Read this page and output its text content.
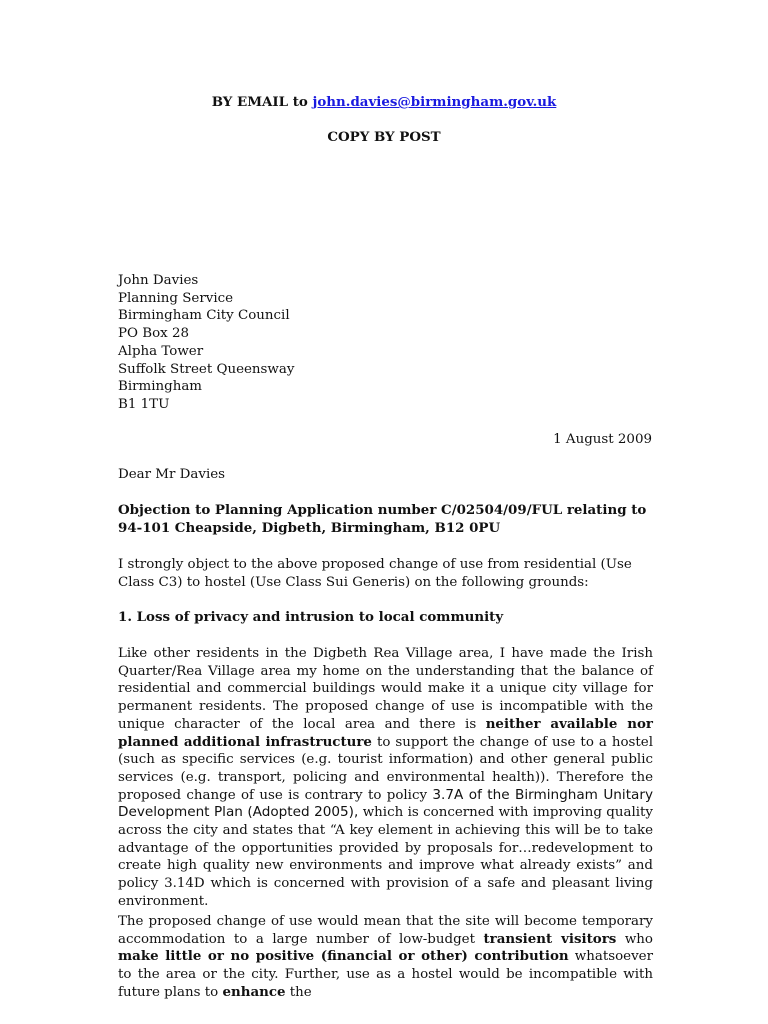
BY EMAIL to john.davies@birmingham.gov.uk
COPY BY POST
John Davies
Planning Service
Birmingham City Council
PO Box 28
Alpha Tower
Suffolk Street Queensway
Birmingham
B1 1TU
1 August 2009
Dear Mr Davies
Objection to Planning Application number C/02504/09/FUL relating to 94-101 Cheapside, Digbeth, Birmingham, B12 0PU
I strongly object to the above proposed change of use from residential (Use Class C3) to hostel (Use Class Sui Generis) on the following grounds:
1. Loss of privacy and intrusion to local community
Like other residents in the Digbeth Rea Village area, I have made the Irish Quarter/Rea Village area my home on the understanding that the balance of residential and commercial buildings would make it a unique city village for permanent residents. The proposed change of use is incompatible with the unique character of the local area and there is neither available nor planned additional infrastructure to support the change of use to a hostel (such as specific services (e.g. tourist information) and other general public services (e.g. transport, policing and environmental health)). Therefore the proposed change of use is contrary to policy 3.7A of the Birmingham Unitary Development Plan (Adopted 2005), which is concerned with improving quality across the city and states that “A key element in achieving this will be to take advantage of the opportunities provided by proposals for…redevelopment to create high quality new environments and improve what already exists” and policy 3.14D which is concerned with provision of a safe and pleasant living environment.
The proposed change of use would mean that the site will become temporary accommodation to a large number of low-budget transient visitors who make little or no positive (financial or other) contribution whatsoever to the area or the city. Further, use as a hostel would be incompatible with future plans to enhance the
